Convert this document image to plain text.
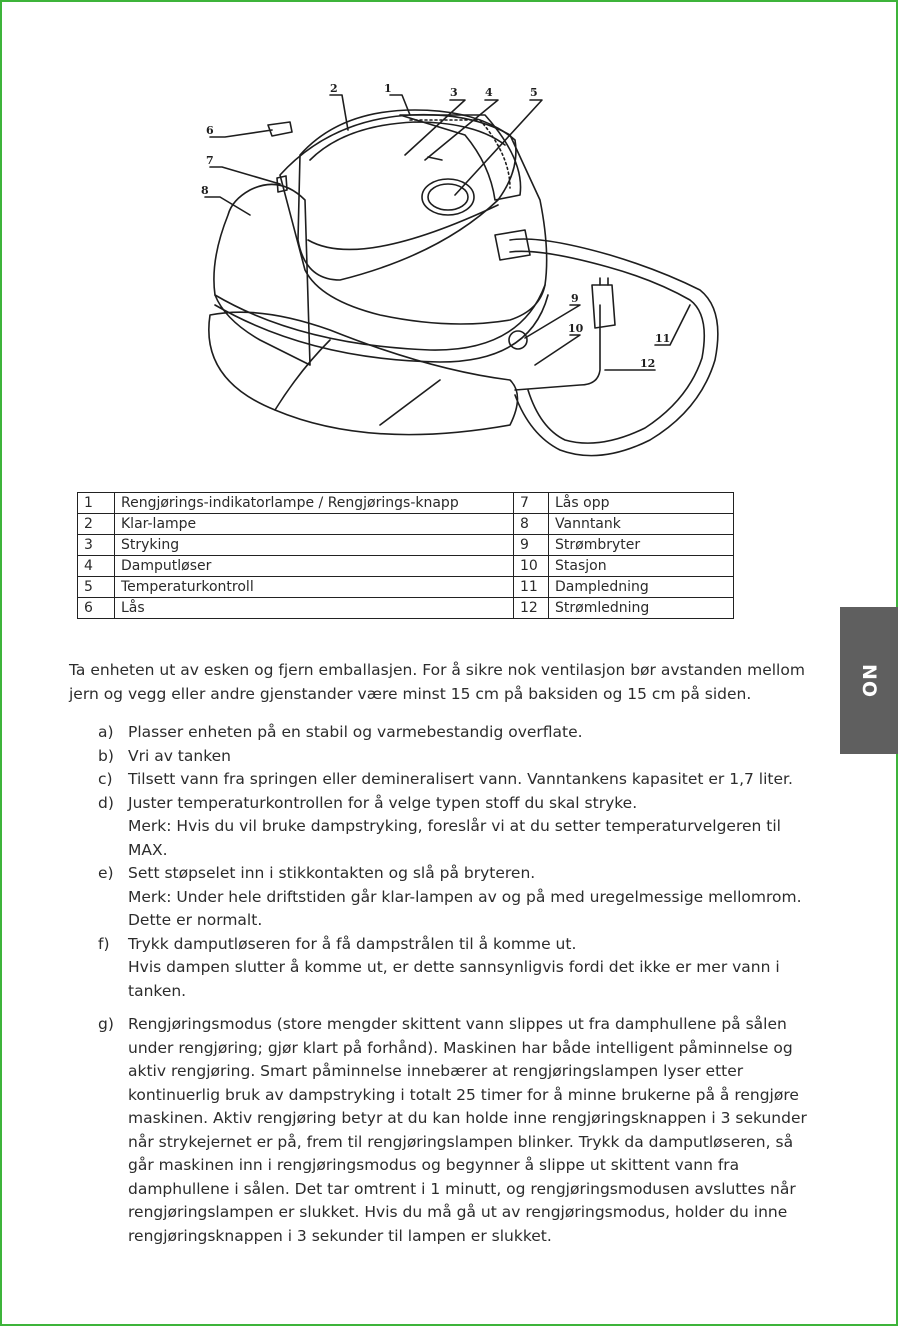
1
2	3 4	5
6
7
8
9
10
11
12
1	Rengjørings-indikatorlampe / Rengjørings-knapp	7	Lås opp
2	Klar-lampe	8	Vanntank
3	Stryking	9	Strømbryter
4	Damputløser	10	Stasjon
5	Temperaturkontroll	11	Dampledning
6	Lås	12	Strømledning
NO

Ta enheten ut av esken og fjern emballasjen. For å sikre nok ventilasjon bør avstanden mellom jern og vegg eller andre gjenstander være minst 15 cm på baksiden og 15 cm på siden.

a) Plasser enheten på en stabil og varmebestandig overflate.

b) Vri av tanken

c) Tilsett vann fra springen eller demineralisert vann. Vanntankens kapasitet er 1,7 liter.

d) Juster temperaturkontrollen for å velge typen stoff du skal stryke.

Merk: Hvis du vil bruke dampstryking, foreslår vi at du setter temperaturvelgeren til MAX.

e) Sett støpselet inn i stikkontakten og slå på bryteren.

Merk: Under hele driftstiden går klar-lampen av og på med uregelmessige mellomrom. Dette er normalt.

f)	Trykk damputløseren for å få dampstrålen til å komme ut.

Hvis dampen slutter å komme ut, er dette sannsynligvis fordi det ikke er mer vann i tanken.

g) Rengjøringsmodus (store mengder skittent vann slippes ut fra damphullene på sålen under rengjøring; gjør klart på forhånd). Maskinen har både intelligent påminnelse og aktiv rengjøring. Smart påminnelse innebærer at rengjøringslampen lyser etter kontinuerlig bruk av dampstryking i totalt 25 timer for å minne brukerne på å rengjøre maskinen. Aktiv rengjøring betyr at du kan holde inne rengjøringsknappen i 3 sekunder når strykejernet er på, frem til rengjøringslampen blinker. Trykk da damputløseren, så går maskinen inn i rengjøringsmodus og begynner å slippe ut skittent vann fra damphullene i sålen. Det tar omtrent i 1 minutt, og rengjøringsmodusen avsluttes når rengjøringslampen er slukket. Hvis du må gå ut av rengjøringsmodus, holder du inne rengjøringsknappen i 3 sekunder til lampen er slukket.
